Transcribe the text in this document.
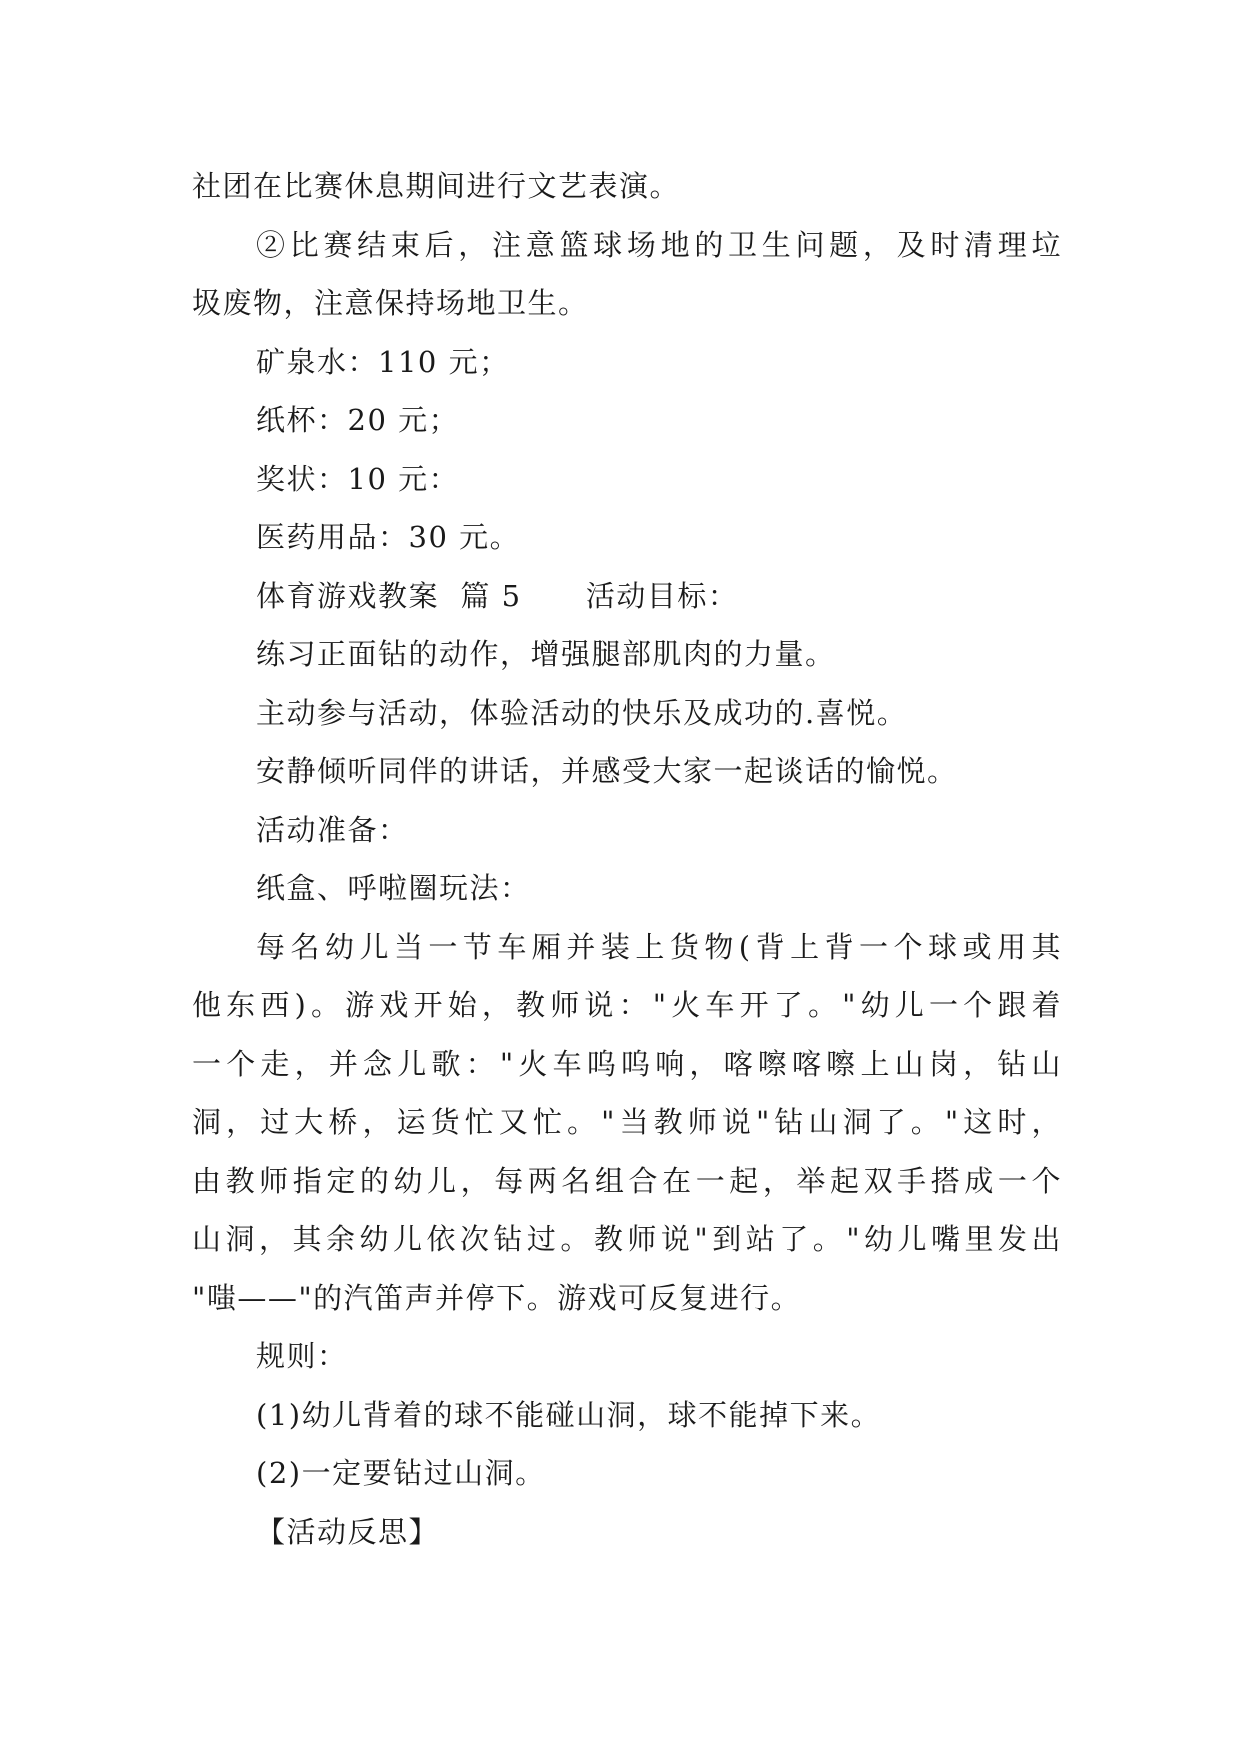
社团在比赛休息期间进行文艺表演。
②比赛结束后，注意篮球场地的卫生问题，及时清理垃
圾废物，注意保持场地卫生。
矿泉水：110 元；
纸杯：20 元；
奖状：10 元：
医药用品：30 元。
体育游戏教案  篇 5      活动目标：
练习正面钻的动作，增强腿部肌肉的力量。
主动参与活动，体验活动的快乐及成功的.喜悦。
安静倾听同伴的讲话，并感受大家一起谈话的愉悦。
活动准备：
纸盒、呼啦圈玩法：
每名幼儿当一节车厢并装上货物(背上背一个球或用其
他东西)。游戏开始，教师说："火车开了。"幼儿一个跟着
一个走，并念儿歌："火车呜呜响，喀嚓喀嚓上山岗，钻山
洞，过大桥，运货忙又忙。"当教师说"钻山洞了。"这时，
由教师指定的幼儿，每两名组合在一起，举起双手搭成一个
山洞，其余幼儿依次钻过。教师说"到站了。"幼儿嘴里发出
"嗤——"的汽笛声并停下。游戏可反复进行。
规则：
(1)幼儿背着的球不能碰山洞，球不能掉下来。
(2)一定要钻过山洞。
【活动反思】
